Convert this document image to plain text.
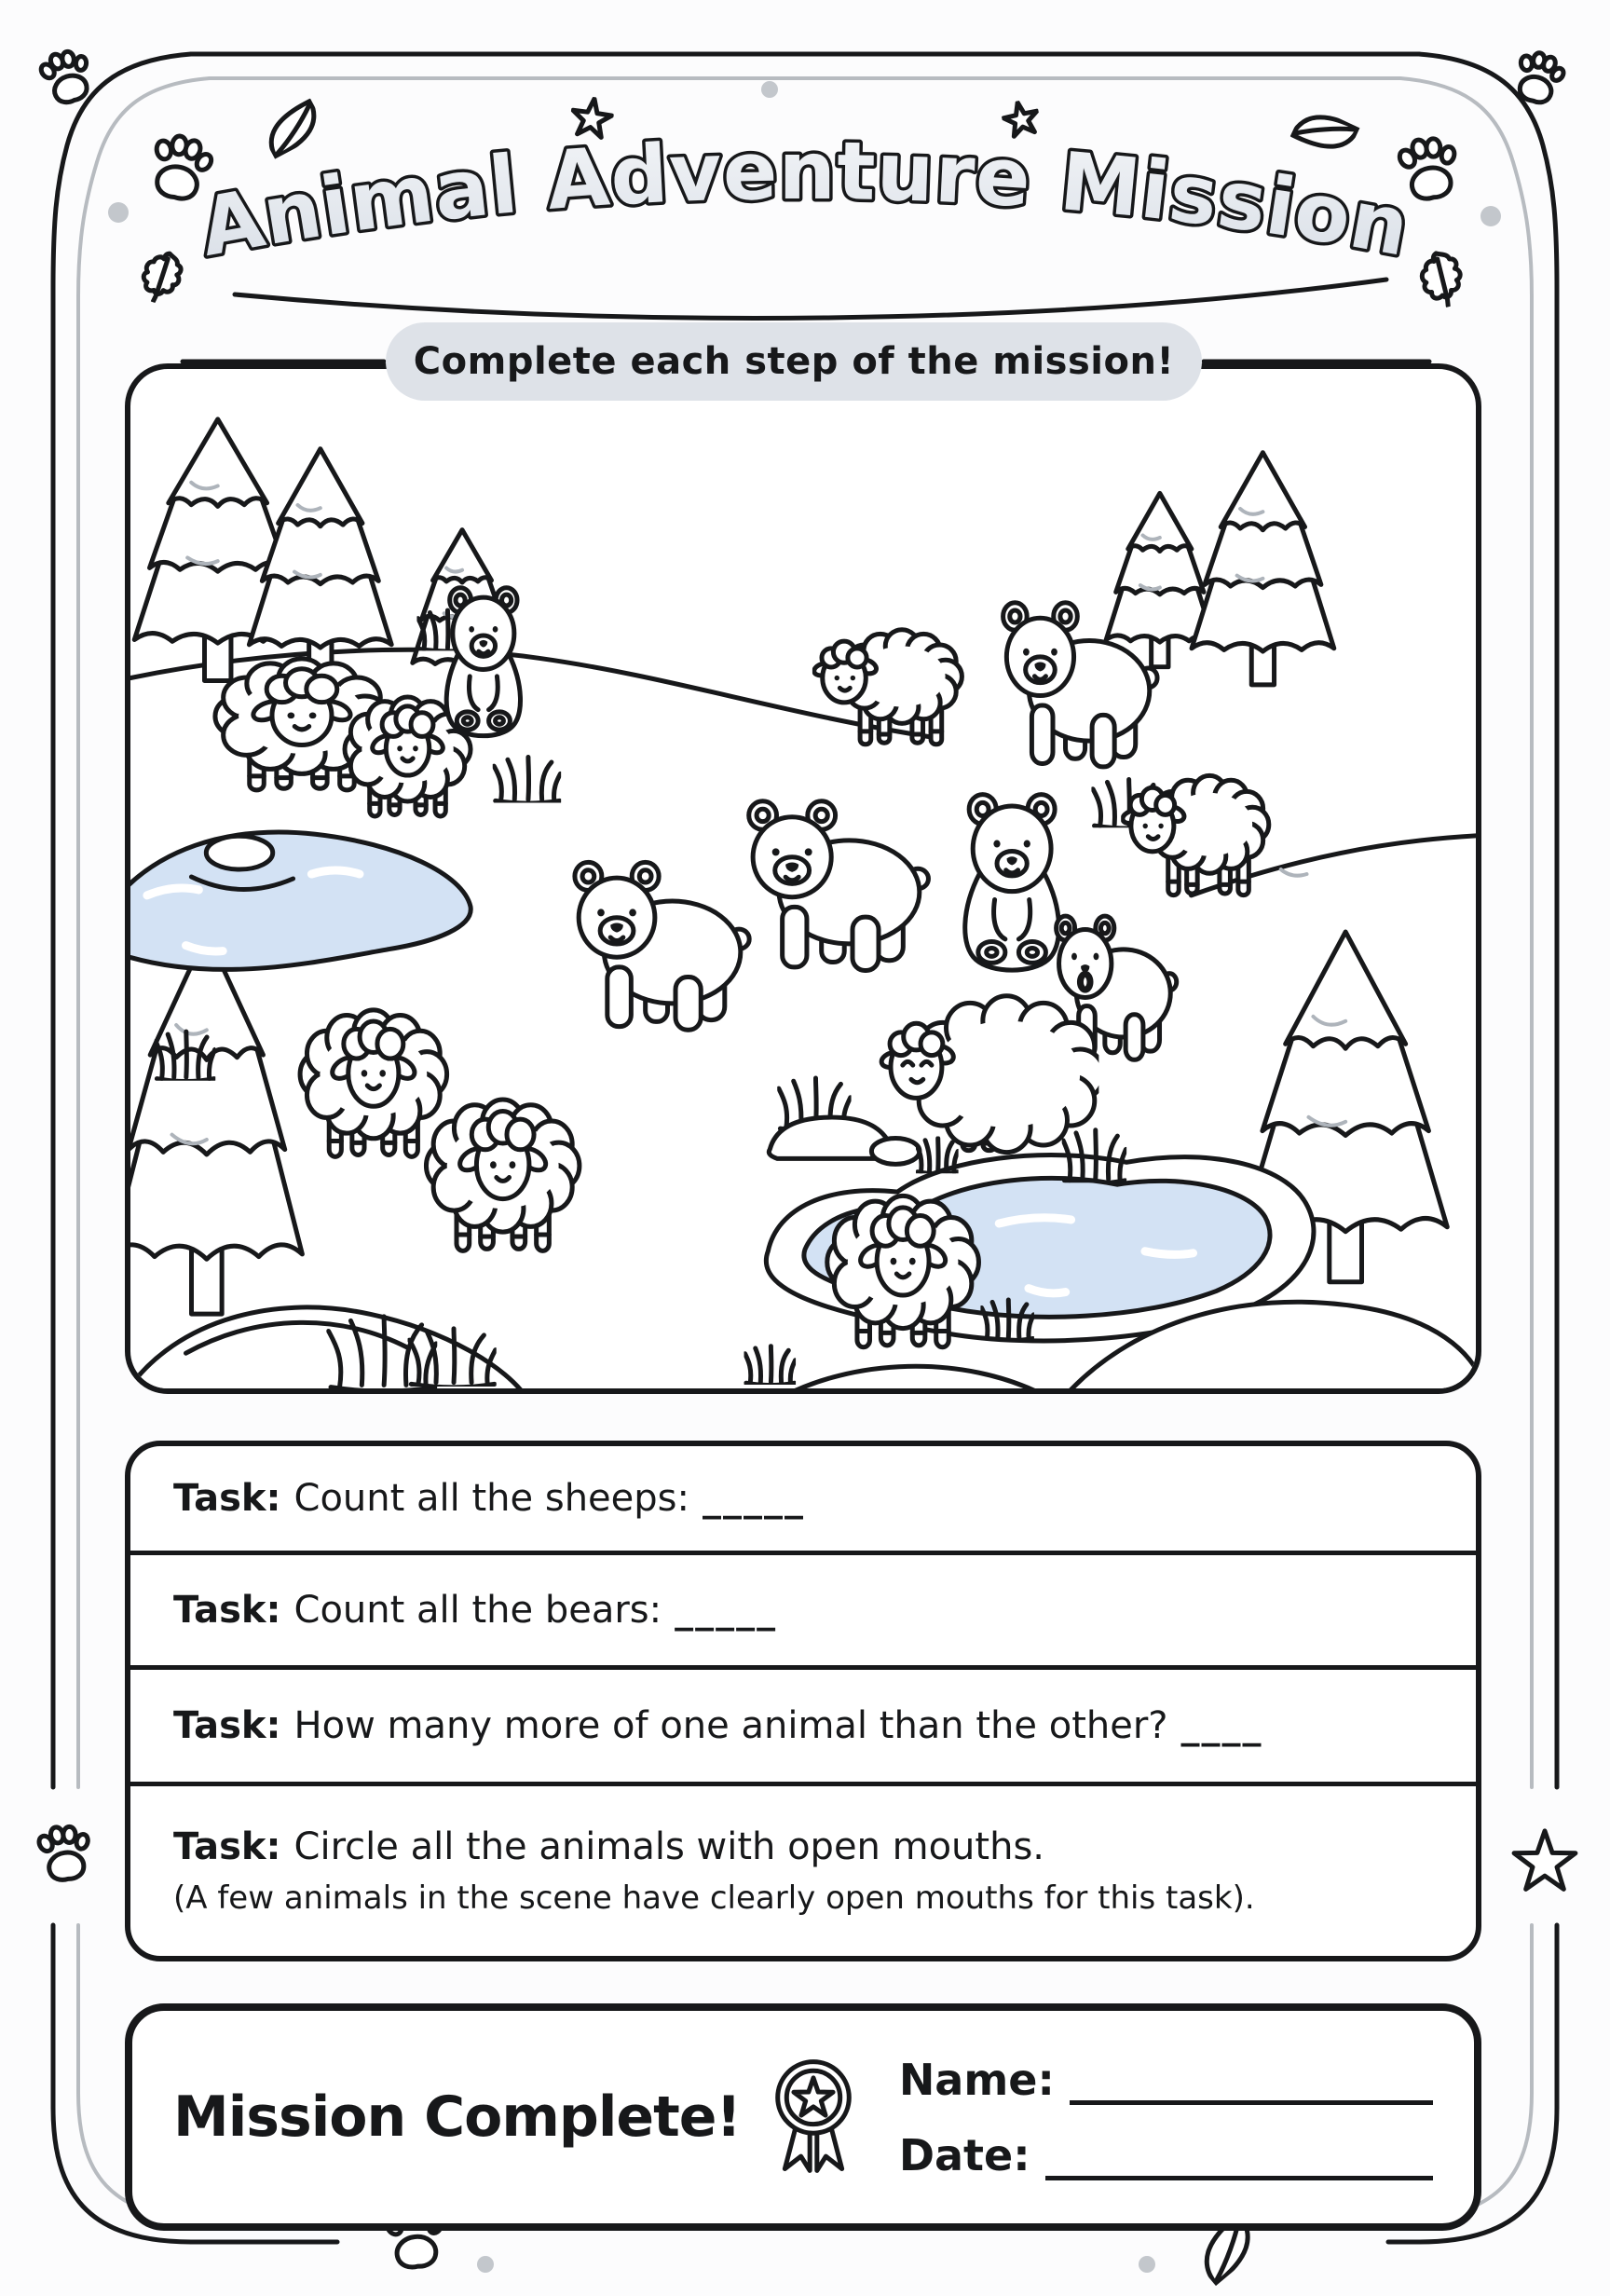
Animal Adventure Mission
Complete each step of the mission!
Task: Count all the sheeps: _____
Task: Count all the bears: _____
Task: How many more of one animal than the other? ____
Task: Circle all the animals with open mouths.
(A few animals in the scene have clearly open mouths for this task).
Mission Complete!
Name:
Date:
